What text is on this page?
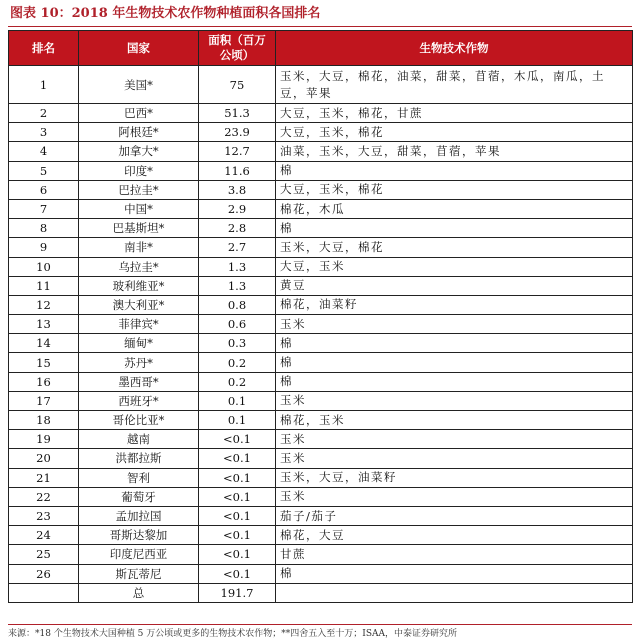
图表 10：2018 年生物技术农作物种植面积各国排名
排名	国家	面积（百万公顷）	生物技术作物
1	美国*	75	玉米，大豆，棉花，油菜，甜菜，苜蓿，木瓜，南瓜，土豆，苹果
2	巴西*	51.3	大豆，玉米，棉花，甘蔗
3	阿根廷*	23.9	大豆，玉米，棉花
4	加拿大*	12.7	油菜，玉米，大豆，甜菜，苜蓿，苹果
5	印度*	11.6	棉
6	巴拉圭*	3.8	大豆，玉米，棉花
7	中国*	2.9	棉花，木瓜
8	巴基斯坦*	2.8	棉
9	南非*	2.7	玉米，大豆，棉花
10	乌拉圭*	1.3	大豆，玉米
11	玻利维亚*	1.3	黄豆
12	澳大利亚*	0.8	棉花，油菜籽
13	菲律宾*	0.6	玉米
14	缅甸*	0.3	棉
15	苏丹*	0.2	棉
16	墨西哥*	0.2	棉
17	西班牙*	0.1	玉米
18	哥伦比亚*	0.1	棉花，玉米
19	越南	<0.1	玉米
20	洪都拉斯	<0.1	玉米
21	智利	<0.1	玉米，大豆，油菜籽
22	葡萄牙	<0.1	玉米
23	孟加拉国	<0.1	茄子/茄子
24	哥斯达黎加	<0.1	棉花，大豆
25	印度尼西亚	<0.1	甘蔗
26	斯瓦蒂尼	<0.1	棉
	总	191.7	
来源：*18 个生物技术大国种植 5 万公顷或更多的生物技术农作物；**四舍五入至十万；ISAA，中泰证券研究所
